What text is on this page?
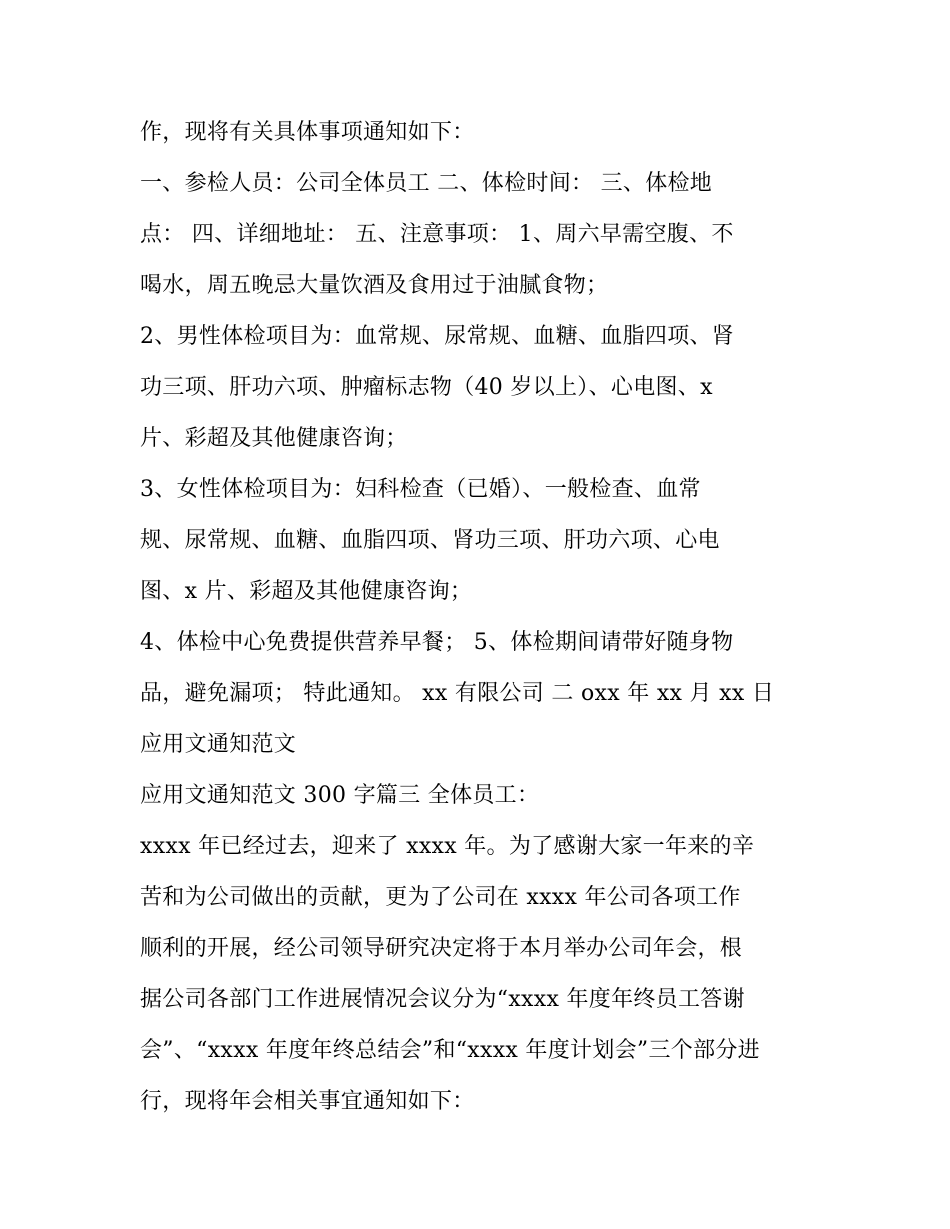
作，现将有关具体事项通知如下：
一、参检人员：公司全体员工 二、体检时间： 三、体检地
点： 四、详细地址： 五、注意事项： 1、周六早需空腹、不
喝水，周五晚忌大量饮酒及食用过于油腻食物；
2、男性体检项目为：血常规、尿常规、血糖、血脂四项、肾
功三项、肝功六项、肿瘤标志物（40 岁以上）、心电图、x
片、彩超及其他健康咨询；
3、女性体检项目为：妇科检查（已婚）、一般检查、血常
规、尿常规、血糖、血脂四项、肾功三项、肝功六项、心电
图、x 片、彩超及其他健康咨询；
4、体检中心免费提供营养早餐； 5、体检期间请带好随身物
品，避免漏项； 特此通知。 xx 有限公司 二 oxx 年 xx 月 xx 日
应用文通知范文
应用文通知范文 300 字篇三 全体员工：
xxxx 年已经过去，迎来了 xxxx 年。为了感谢大家一年来的辛
苦和为公司做出的贡献，更为了公司在 xxxx 年公司各项工作
顺利的开展，经公司领导研究决定将于本月举办公司年会，根
据公司各部门工作进展情况会议分为“xxxx 年度年终员工答谢
会”、“xxxx 年度年终总结会”和“xxxx 年度计划会”三个部分进
行，现将年会相关事宜通知如下：
